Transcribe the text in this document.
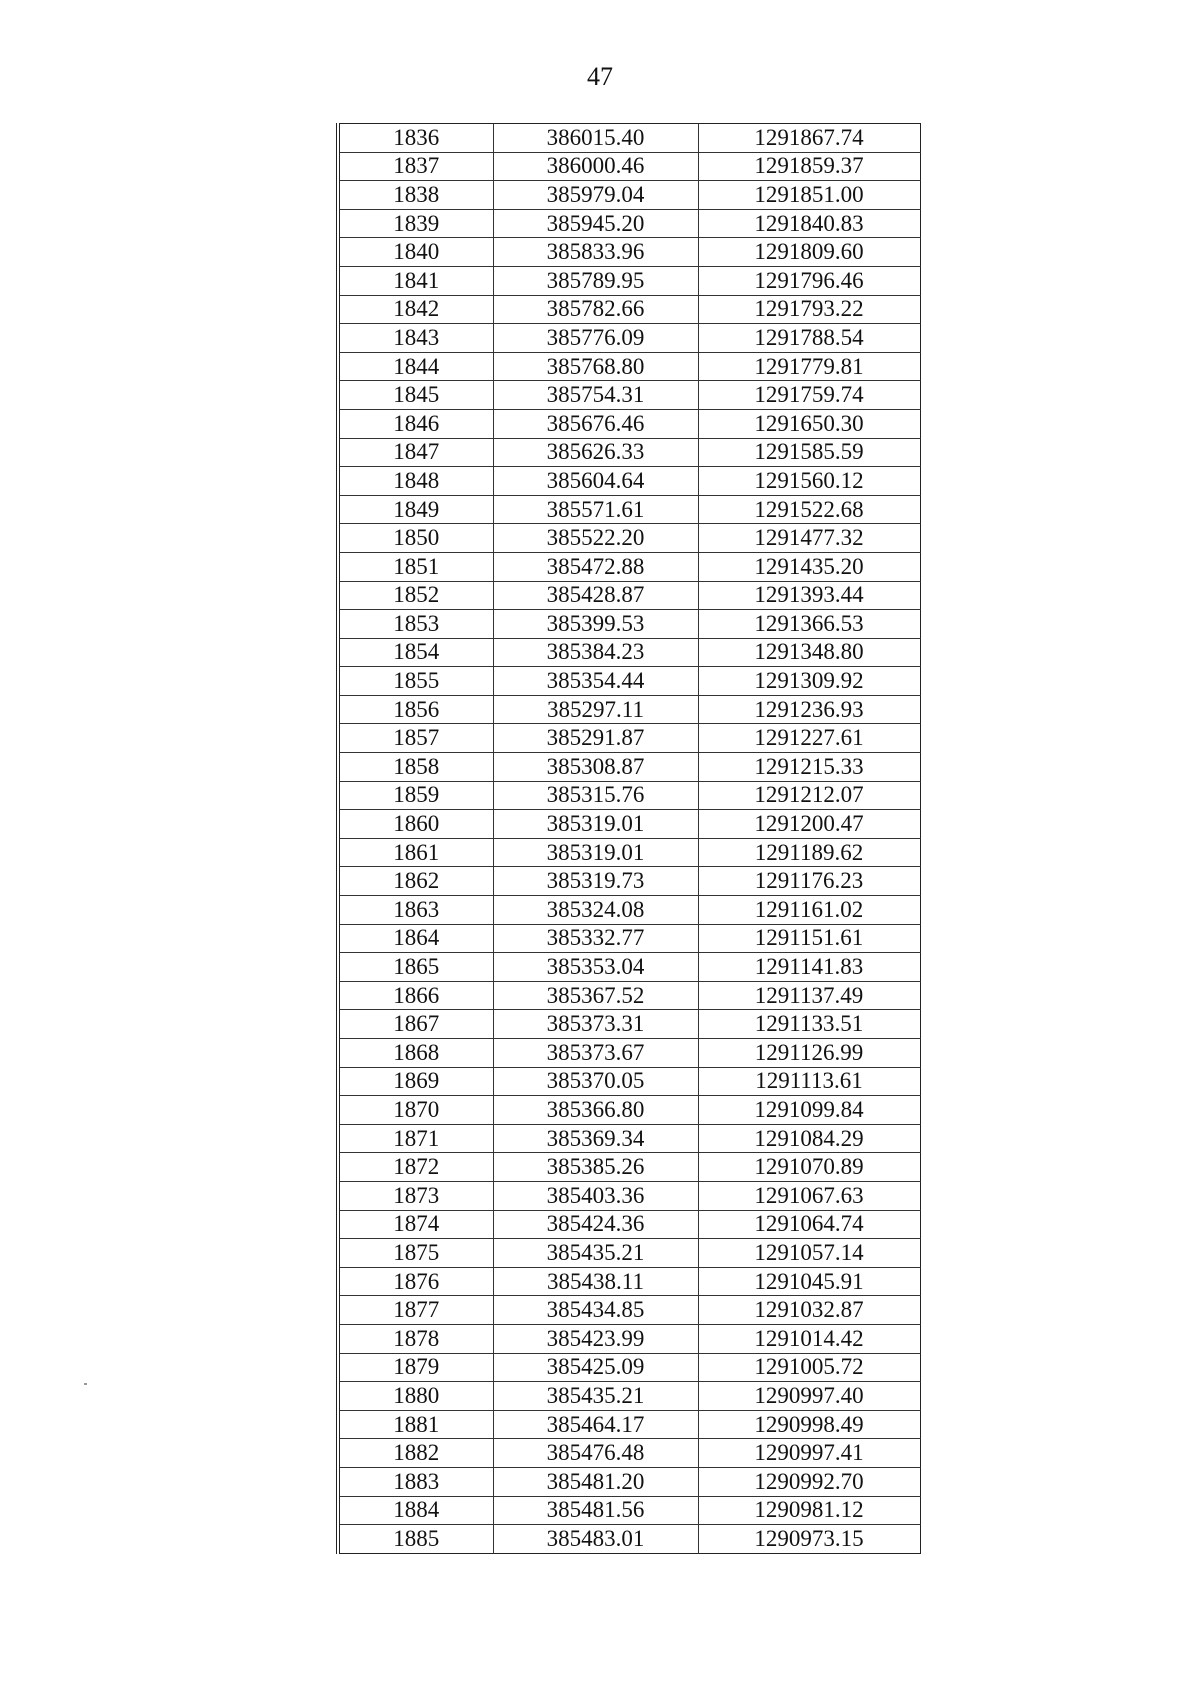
47
1836	386015.40	1291867.74
1837	386000.46	1291859.37
1838	385979.04	1291851.00
1839	385945.20	1291840.83
1840	385833.96	1291809.60
1841	385789.95	1291796.46
1842	385782.66	1291793.22
1843	385776.09	1291788.54
1844	385768.80	1291779.81
1845	385754.31	1291759.74
1846	385676.46	1291650.30
1847	385626.33	1291585.59
1848	385604.64	1291560.12
1849	385571.61	1291522.68
1850	385522.20	1291477.32
1851	385472.88	1291435.20
1852	385428.87	1291393.44
1853	385399.53	1291366.53
1854	385384.23	1291348.80
1855	385354.44	1291309.92
1856	385297.11	1291236.93
1857	385291.87	1291227.61
1858	385308.87	1291215.33
1859	385315.76	1291212.07
1860	385319.01	1291200.47
1861	385319.01	1291189.62
1862	385319.73	1291176.23
1863	385324.08	1291161.02
1864	385332.77	1291151.61
1865	385353.04	1291141.83
1866	385367.52	1291137.49
1867	385373.31	1291133.51
1868	385373.67	1291126.99
1869	385370.05	1291113.61
1870	385366.80	1291099.84
1871	385369.34	1291084.29
1872	385385.26	1291070.89
1873	385403.36	1291067.63
1874	385424.36	1291064.74
1875	385435.21	1291057.14
1876	385438.11	1291045.91
1877	385434.85	1291032.87
1878	385423.99	1291014.42
1879	385425.09	1291005.72
1880	385435.21	1290997.40
1881	385464.17	1290998.49
1882	385476.48	1290997.41
1883	385481.20	1290992.70
1884	385481.56	1290981.12
1885	385483.01	1290973.15
